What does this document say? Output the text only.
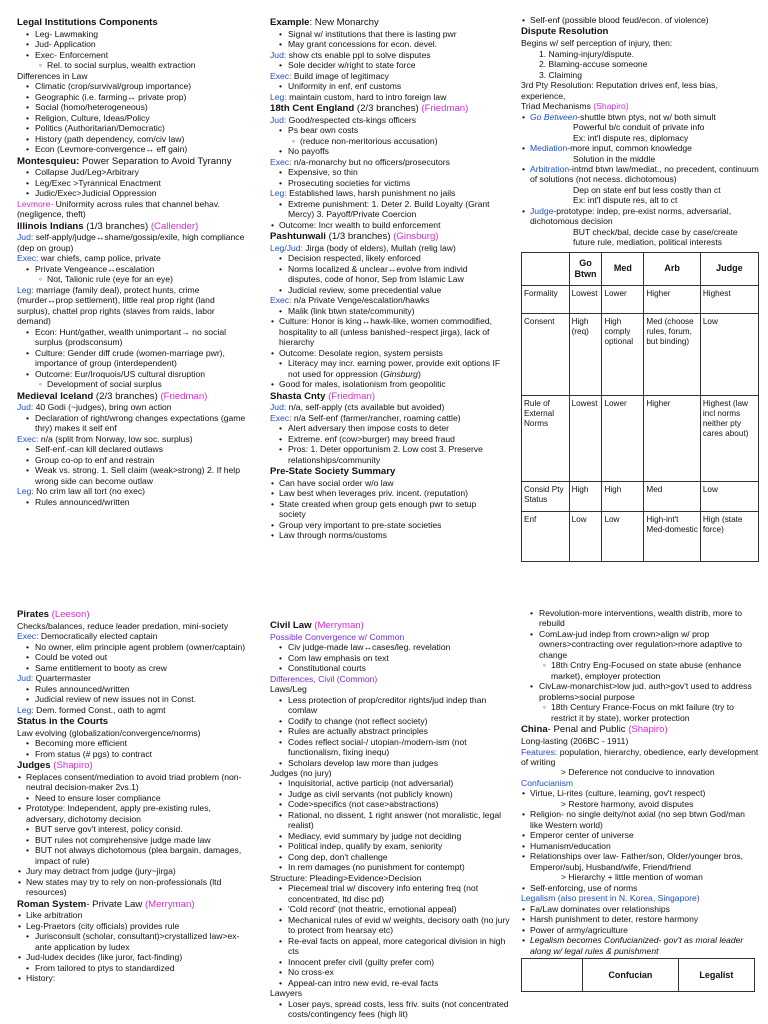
Legal Institutions Components
• Leg- Lawmaking
• Jud- Application
• Exec- Enforcement
◦ Rel. to social surplus, wealth extraction
Differences in Law
• Climatic (crop/survival/group importance)
• Geographic (i.e. farming↔ private prop)
• Social (homo/heterogeneous)
• Religion, Culture, Ideas/Policy
• Politics (Authoritarian/Democratic)
• History (path dependency, com/civ law)
• Econ (Levmore-convergence↔ eff gain)
Montesquieu: Power Separation to Avoid Tyranny
• Collapse Jud/Leg>Arbitrary
• Leg/Exec >Tyrannical Enactment
• Judic/Exec>Judicial Oppression
Levmore- Uniformity across rules that channel behav. (negligence, theft)
Illinois Indians (1/3 branches) (Callender)
Jud: self-apply/judge↔shame/gossip/exile, high compliance (dep on group)
Exec: war chiefs, camp police, private
• Private Vengeance↔escalation
◦ Not, Talionic rule (eye for an eye)
Leg: marriage (family deal), protect hunts, crime (murder↔prop settlement), little real prop right (land surplus), chattel prop rights (slaves from raids, labor demand)
• Econ: Hunt/gather, wealth unimportant→ no social surplus (prodsconsum)
• Culture: Gender diff crude (women-marriage pwr), importance of group (interdependent)
• Outcome: Eur/Iroquois/US cultural disruption
◦ Development of social surplus
Medieval Iceland (2/3 branches) (Friedman)
Jud: 40 Godi (~judges), bring own action
• Declaration of right/wrong changes expectations (game thry) makes it self enf
Exec: n/a (split from Norway, low soc. surplus)
• Self-enf.-can kill declared outlaws
• Group co-op to enf and restrain
• Weak vs. strong. 1. Sell claim (weak>strong) 2. If help wrong side can become outlaw
Leg: No crim law all tort (no exec)
• Rules announced/written
Example: New Monarchy
• Signal w/ institutions that there is lasting pwr
• May grant concessions for econ. devel.
Jud: show cts enable ppl to solve disputes
• Sole decider w/right to state force
Exec: Build image of legitimacy
• Uniformity in enf, enf customs
Leg: maintain custom, hard to intro foreign law
18th Cent England (2/3 branches) (Friedman)
Jud: Good/respected cts-kings officers
• Ps bear own costs
◦ (reduce non-meritorious accusation)
• No payoffs
Exec: n/a-monarchy but no officers/prosecutors
• Expensive, so thin
• Prosecuting societies for victims
Leg: Established laws, harsh punishment no jails
• Extreme punishment: 1. Deter 2. Build Loyalty (Grant Mercy) 3. Payoff/Private Coercion
• Outcome: Incr wealth to build enforcement
Pashtunwali (1/3 branches) (Ginsburg)
Leg/Jud: Jirga (body of elders), Mullah (relig law)
• Decision respected, likely enforced
• Norms localized & unclear↔evolve from individ disputes, code of honor, Sep from Islamic Law
• Judicial review, some precedential value
Exec: n/a Private Venge/escalation/hawks
• Malik (link btwn state/community)
• Culture: Honor is king↔hawk-like, women commodified, hospitality to all (unless banished~respect jirga), lack of hierarchy
• Outcome: Desolate region, system persists
• Literacy may incr. earning power, provide exit options IF not used for oppression (Ginsburg)
• Good for males, isolationism from geopolitic
Shasta Cnty (Friedman)
Jud: n/a, self-apply (cts available but avoided)
Exec: n/a Self-enf (farmer/rancher, roaming cattle)
• Alert adversary then impose costs to deter
• Extreme. enf (cow>burger) may breed fraud
• Pros: 1. Deter opportunism 2. Low cost 3. Preserve relationships/community
Pre-State Society Summary
• Can have social order w/o law
• Law best when leverages priv. incent. (reputation)
• State created when group gets enough pwr to setup society
• Group very important to pre-state societies
• Law through norms/customs
• Self-enf (possible blood feud/econ. of violence)
Dispute Resolution
Begins w/ self perception of injury, then:
1. Naming-injury/dispute.
2. Blaming-accuse someone
3. Claiming
3rd Pty Resolution: Reputation drives enf, less bias, experience,
Triad Mechanisms (Shapiro)
• Go Between-shuttle btwn ptys, not w/ both simult
Powerful b/c conduit of private info
Ex: int'l dispute res, diplomacy
• Mediation-more input, common knowledge
Solution in the middle
• Arbitration-intmd btwn law/mediat., no precedent, continuum of solutions (not necess. dichotomous)
Dep on state enf but less costly than ct
Ex: int'l dispute res, alt to ct
• Judge-prototype: indep, pre-exist norms, adversarial, dichotomous decision
BUT check/bal, decide case by case/create future rule, mediation, political interests
	Go Btwn	Med	Arb	Judge
Formality	Lowest	Lower	Higher	Highest
Consent	High (req)	High comply optional	Med (choose rules, forum, but binding)	Low
Rule of External Norms	Lowest	Lower	Higher	Highest (law incl norms neither pty cares about)
Consid Pty Status	High	High	Med	Low
Enf	Low	Low	High-int't Med-domestic	High (state force)
Pirates (Leeson)
Checks/balances, reduce leader predation, mini-society
Exec: Democratically elected captain
• No owner, elim principle agent problem (owner/captain)
• Could be voted out
• Same entitlement to booty as crew
Jud: Quartermaster
• Rules announced/written
• Judicial review of new issues not in Const.
Leg: Dem. formed Const., oath to agmt
Status in the Courts
Law evolving (globalization/convergence/norms)
• Becoming more efficient
• From status (# pgs) to contract
Judges (Shapiro)
• Replaces consent/mediation to avoid triad problem (non-neutral decision-maker 2vs.1)
• Need to ensure loser compliance
• Prototype: Independent, apply pre-existing rules, adversary, dichotomy decision
• BUT serve gov't interest, policy consid.
• BUT rules not comprehensive judge made law
• BUT not always dichotomous (plea bargain, damages, impact of rule)
• Jury may detract from judge (jury~jirga)
• New states may try to rely on non-professionals (ltd resources)
Roman System- Private Law (Merryman)
• Like arbitration
• Leg-Praetors (city officials) provides rule
• Jurisconsult (scholar, consultant)>crystallized law>ex-ante application by ludex
• Jud-ludex decides (like juror, fact-finding)
• From tailored to ptys to standardized
• History:
Civil Law (Merryman)
Possible Convergence w/ Common
• Civ judge-made law↔cases/leg. revelation
• Com law emphasis on text
• Constitutional courts
Differences, Civil (Common)
Laws/Leg
• Less protection of prop/creditor rights/jud indep than comlaw
• Codify to change (not reflect society)
• Rules are actually abstract principles
• Codes reflect social-/ utopian-/modern-ism (not functionalism, fixing inequ)
• Scholars develop law more than judges
Judges (no jury)
• Inquisitorial, active particip (not adversarial)
• Judge as civil servants (not publicly known)
• Code>specifics (not case>abstractions)
• Rational, no dissent, 1 right answer (not moralistic, legal realist)
• Mediacy, evid summary by judge not deciding
• Political indep, qualify by exam, seniority
• Cong dep, don't challenge
• In rem damages (no punishment for contempt)
Structure: Pleading>Evidence>Decision
• Piecemeal trial w/ discovery info entering freq (not concentrated, ltd disc pd)
• 'Cold record' (not theatric, emotional appeal)
• Mechanical rules of evid w/ weights, decisory oath (no jury to protect from hearsay etc)
• Re-eval facts on appeal, more categorical division in high cts
• Innocent prefer civil (guilty prefer com)
• No cross-ex
• Appeal-can intro new evid, re-eval facts
Lawyers
• Loser pays, spread costs, less friv. suits (not concentrated costs/contingency fees (high lit)
• Revolution-more interventions, wealth distrib, more to rebuild
• ComLaw-jud indep from crown>align w/ prop owners>contracting over regulation>more adaptive to change
◦ 18th Cntry Eng-Focused on state abuse (enhance market), employer protection
• CivLaw-monarchist>low jud. auth>gov't used to address problems>social purpose
◦ 18th Century France-Focus on mkt failure (try to restrict it by state), worker protection
China- Penal and Public (Shapiro)
Long-lasting (206BC - 1911)
Features: population, hierarchy, obedience, early development of writing
> Deference not conducive to innovation
Confucianism
• Virtue, Li-rites (culture, learning, gov't respect)
> Restore harmony, avoid disputes
• Religion- no single deity/not axial (no sep btwn God/man like Western world)
• Emperor center of universe
• Humanism/education
• Relationships over law- Father/son, Older/younger bros, Emperor/subj, Husband/wife, Friend/friend
> Hierarchy + little mention of woman
• Self-enforcing, use of norms
Legalism (also present in N. Korea, Singapore)
• Fa/Law dominates over relationships
• Harsh punishment to deter, restore harmony
• Power of army/agriculture
• Legalism becomes Confucianized- gov't as moral leader along w/ legal rules & punishment
	Confucian	Legalist
